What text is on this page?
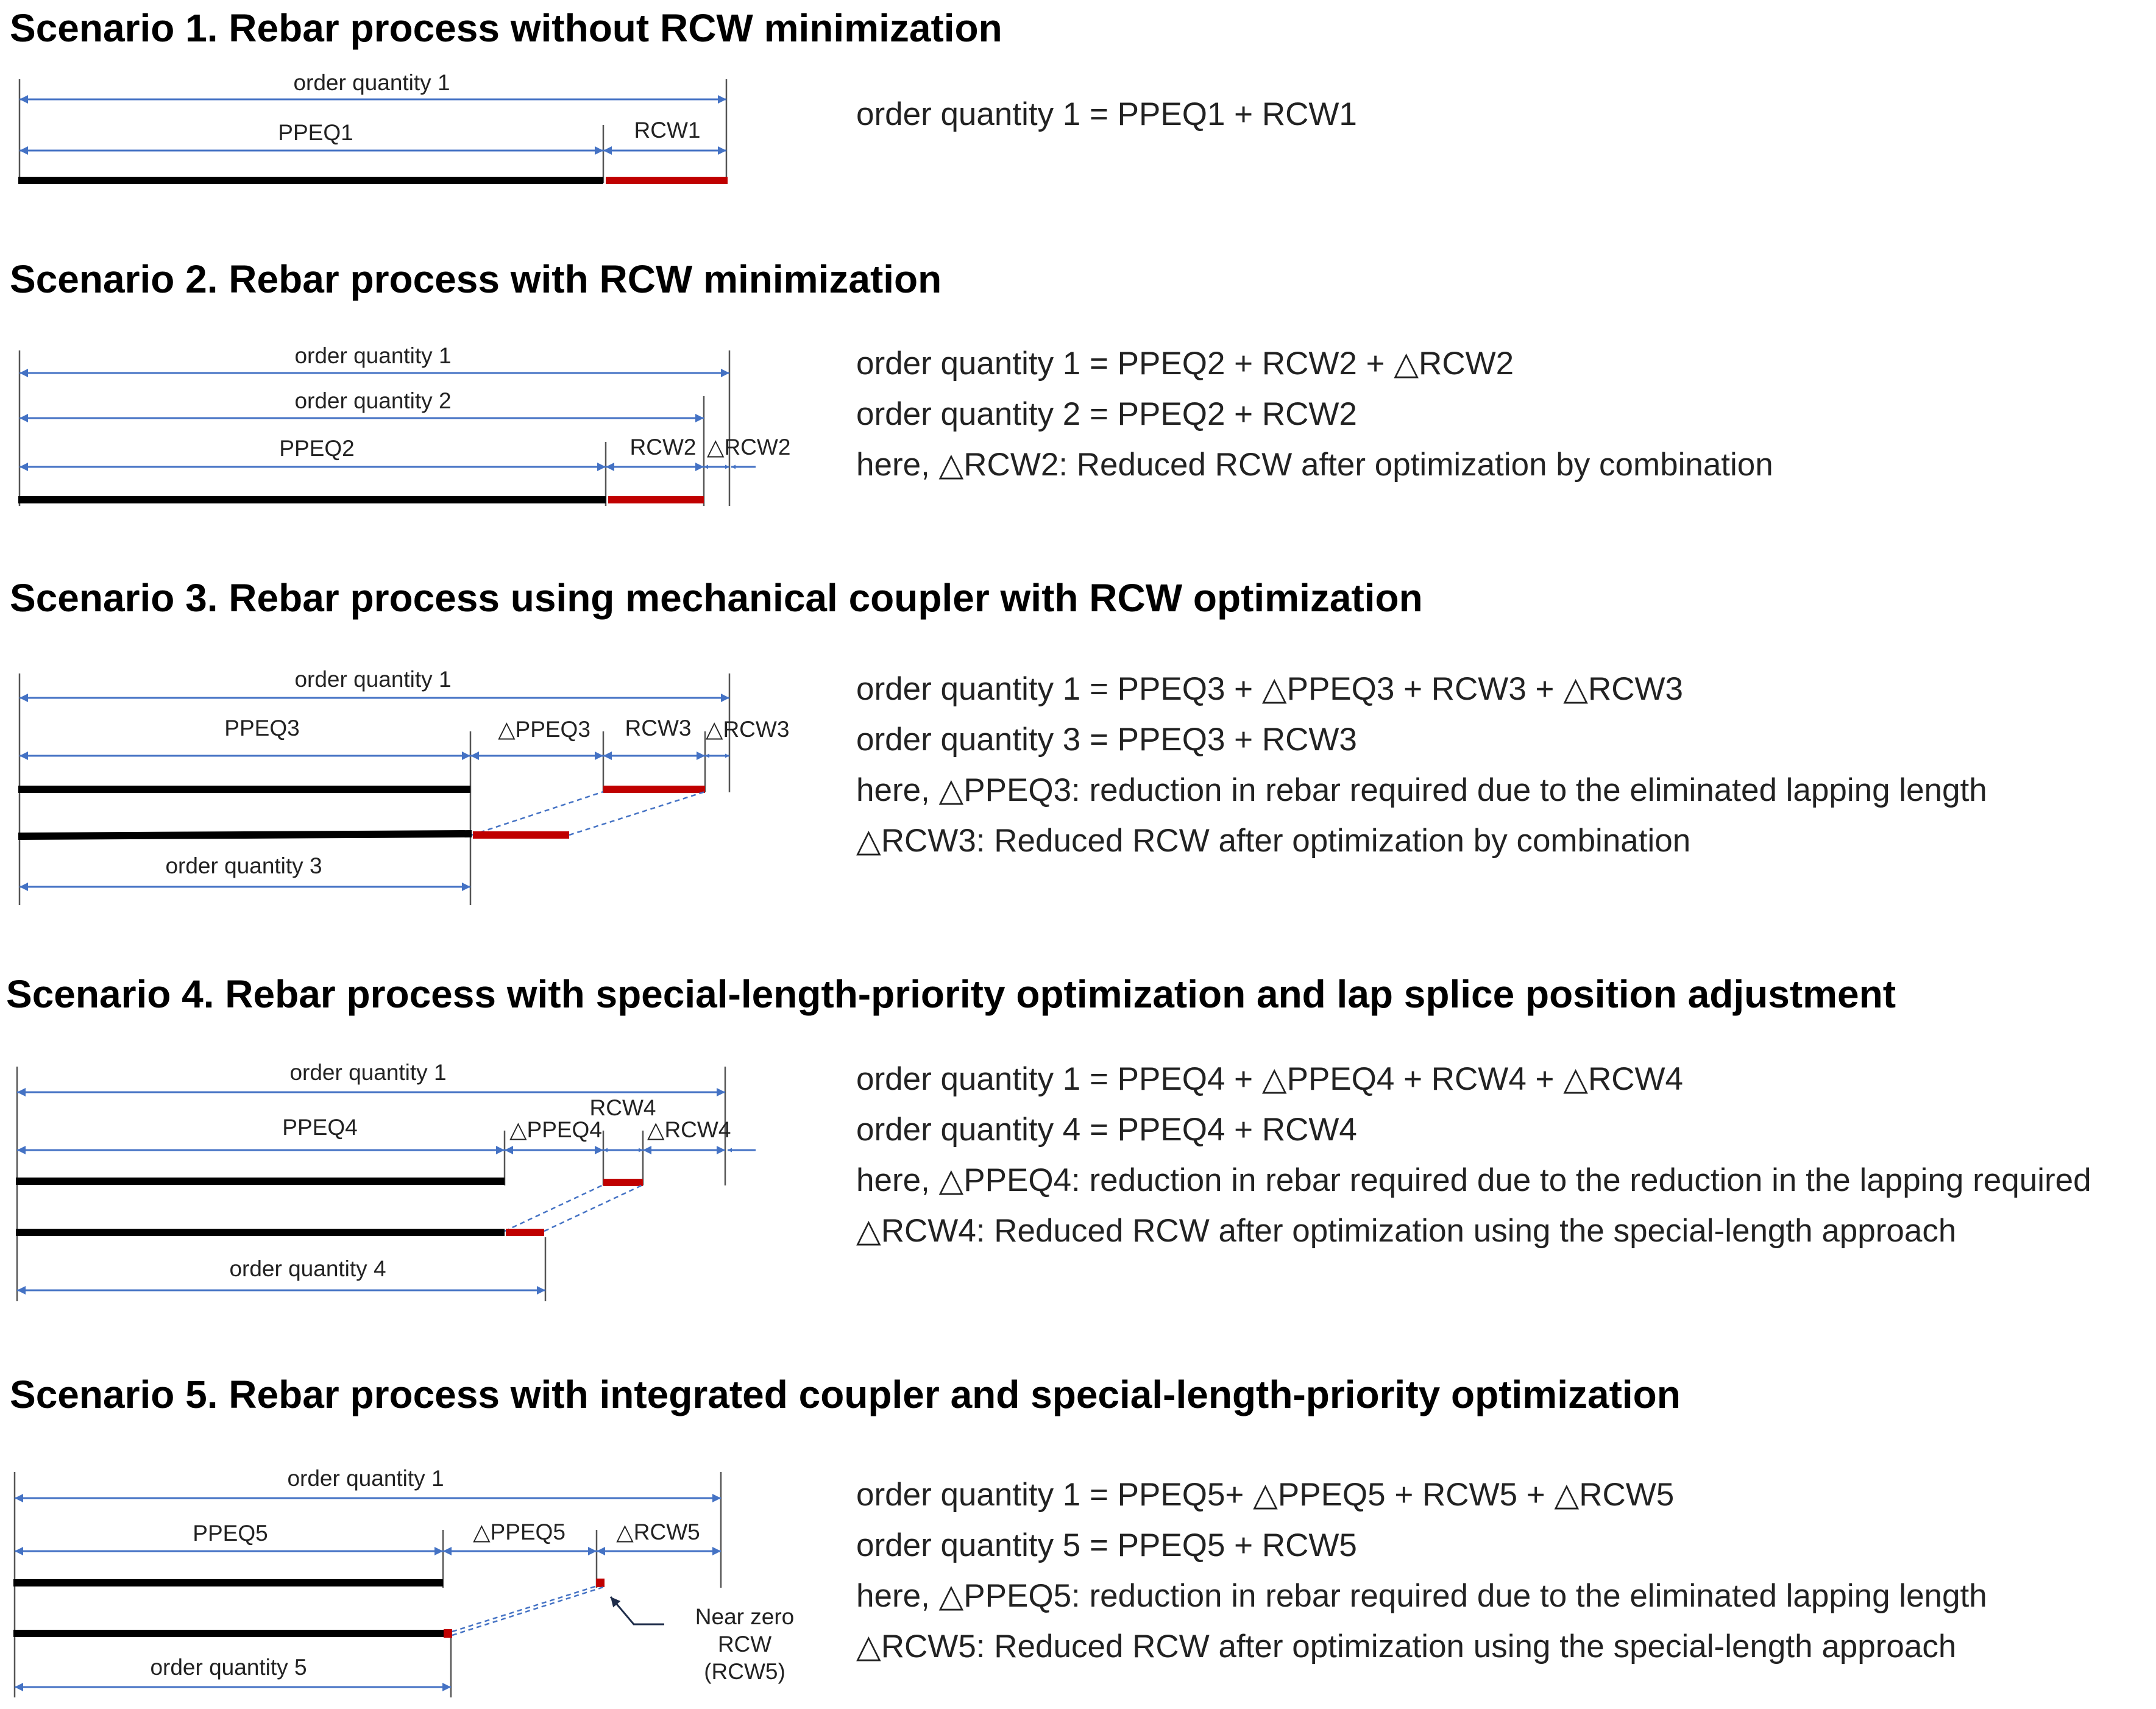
Scenario 1. Rebar process without RCW minimization
order quantity 1
PPEQ1	RCW1	order quantity 1 = PPEQ1 + RCW1
Scenario 2. Rebar process with RCW minimization
order quantity 1
order quantity 2
PPEQ2	RCW2 △RCW2
order quantity 1 = PPEQ2 + RCW2 + △RCW2
order quantity 2 = PPEQ2 + RCW2
here, △RCW2: Reduced RCW after optimization by combination
Scenario 3. Rebar process using mechanical coupler with RCW optimization
order quantity 1
PPEQ3	△PPEQ3 RCW3 △RCW3
order quantity 3
order quantity 1 = PPEQ3 + △PPEQ3 + RCW3 + △RCW3
order quantity 3 = PPEQ3 + RCW3
here, △PPEQ3: reduction in rebar required due to the eliminated lapping length
△RCW3: Reduced RCW after optimization by combination
Scenario 4. Rebar process with special-length-priority optimization and lap splice position adjustment
order quantity 1
PPEQ4	△PPEQ4
RCW4
△RCW4
order quantity 4
order quantity 1 = PPEQ4 + △PPEQ4 + RCW4 + △RCW4
order quantity 4 = PPEQ4 + RCW4
here, △PPEQ4: reduction in rebar required due to the reduction in the lapping required
△RCW4: Reduced RCW after optimization using the special-length approach
Scenario 5. Rebar process with integrated coupler and special-length-priority optimization
order quantity 1
PPEQ5	△PPEQ5 △RCW5
order quantity 5
Near zero
RCW
(RCW5)
order quantity 1 = PPEQ5+ △PPEQ5 + RCW5 + △RCW5
order quantity 5 = PPEQ5 + RCW5
here, △PPEQ5: reduction in rebar required due to the eliminated lapping length
△RCW5: Reduced RCW after optimization using the special-length approach
